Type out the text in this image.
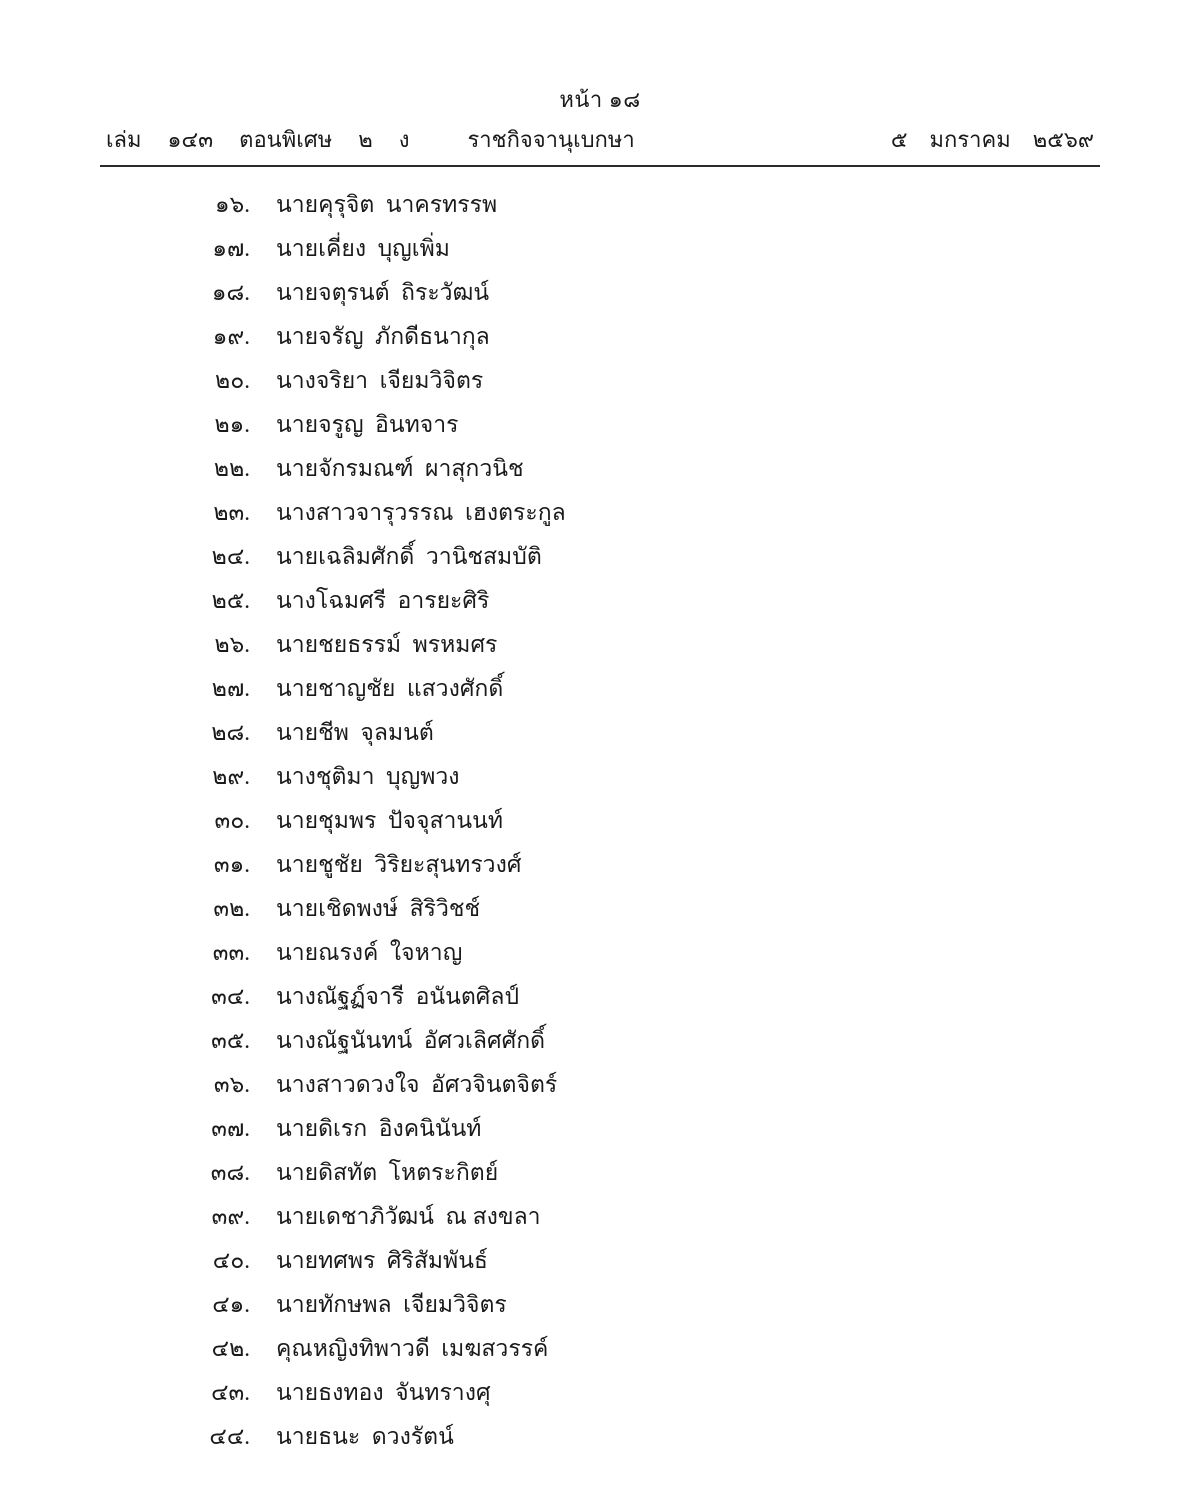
หน้า ๑๘
เล่ม ๑๔๓ ตอนพิเศษ ๒ ง	ราชกิจจานุเบกษา	๕ มกราคม ๒๕๖๙
๑๖.	นายคุรุจิต  นาครทรรพ
๑๗.	นายเคี่ยง  บุญเพิ่ม
๑๘.	นายจตุรนต์  ถิระวัฒน์
๑๙.	นายจรัญ  ภักดีธนากุล
๒๐.	นางจริยา  เจียมวิจิตร
๒๑.	นายจรูญ  อินทจาร
๒๒.	นายจักรมณฑ์  ผาสุกวนิช
๒๓.	นางสาวจารุวรรณ  เฮงตระกูล
๒๔.	นายเฉลิมศักดิ์  วานิชสมบัติ
๒๕.	นางโฉมศรี  อารยะศิริ
๒๖.	นายชยธรรม์  พรหมศร
๒๗.	นายชาญชัย  แสวงศักดิ์
๒๘.	นายชีพ  จุลมนต์
๒๙.	นางชุติมา  บุญพวง
๓๐.	นายชุมพร  ปัจจุสานนท์
๓๑.	นายชูชัย  วิริยะสุนทรวงศ์
๓๒.	นายเชิดพงษ์  สิริวิชช์
๓๓.	นายณรงค์  ใจหาญ
๓๔.	นางณัฐฏ์จารี  อนันตศิลป์
๓๕.	นางณัฐนันทน์  อัศวเลิศศักดิ์
๓๖.	นางสาวดวงใจ  อัศวจินตจิตร์
๓๗.	นายดิเรก  อิงคนินันท์
๓๘.	นายดิสทัต  โหตระกิตย์
๓๙.	นายเดชาภิวัฒน์  ณ สงขลา
๔๐.	นายทศพร  ศิริสัมพันธ์
๔๑.	นายทักษพล  เจียมวิจิตร
๔๒.	คุณหญิงทิพาวดี  เมฆสวรรค์
๔๓.	นายธงทอง  จันทรางศุ
๔๔.	นายธนะ  ดวงรัตน์
